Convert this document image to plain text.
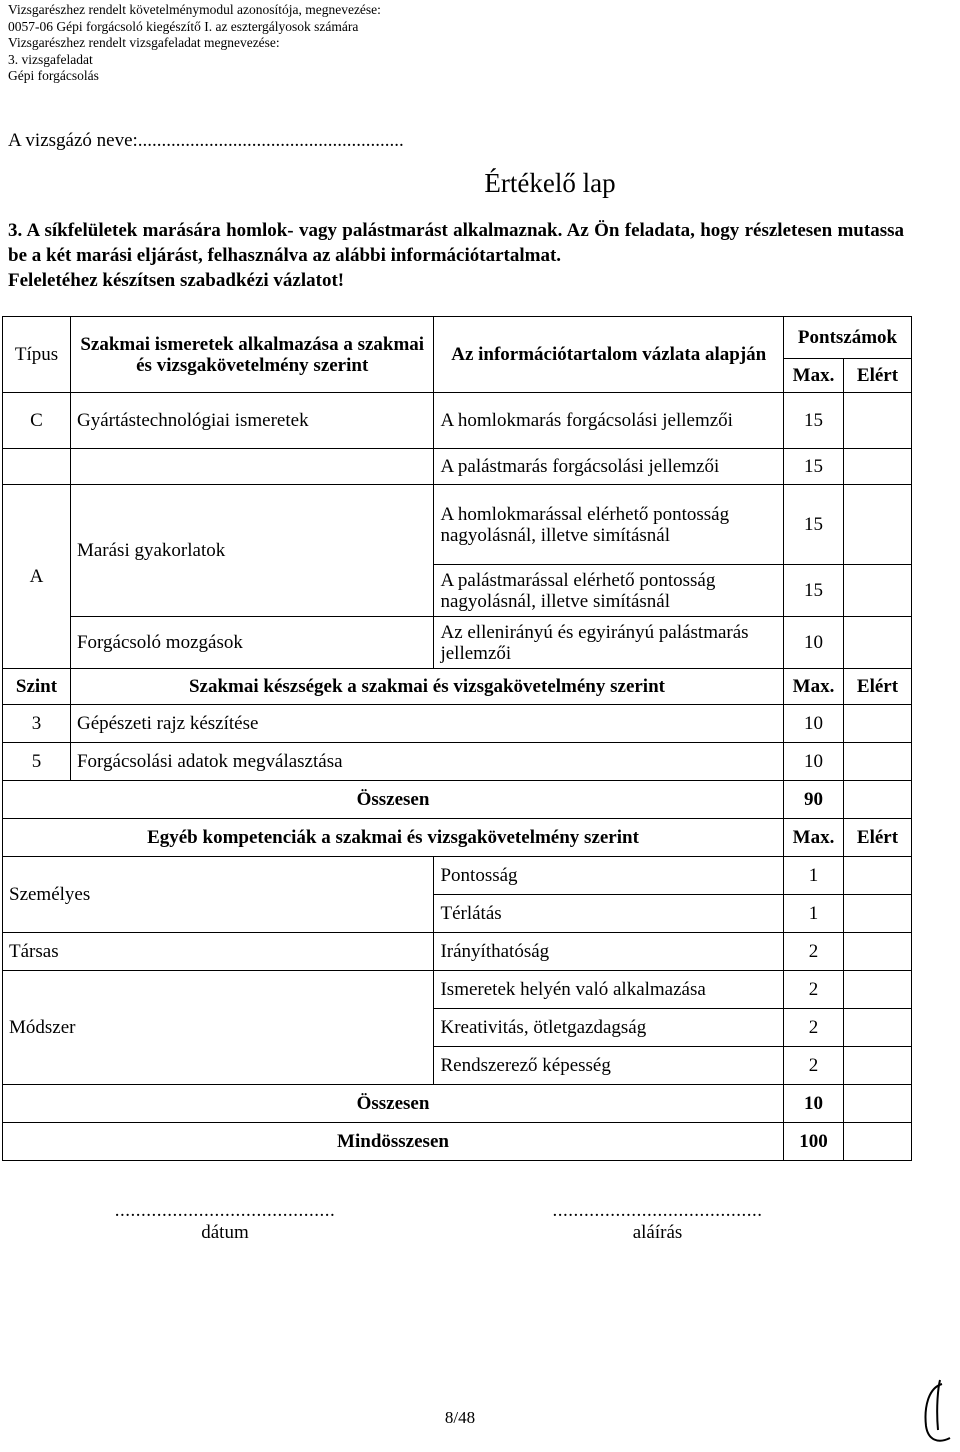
Vizsgarészhez rendelt követelménymodul azonosítója, megnevezése:
0057-06 Gépi forgácsoló kiegészítő I. az esztergályosok számára
Vizsgarészhez rendelt vizsgafeladat megnevezése:
3. vizsgafeladat
Gépi forgácsolás
A vizsgázó neve:........................................................
Értékelő lap
3. A síkfelületek marására homlok- vagy palástmarást alkalmaznak. Az Ön feladata, hogy részletesen mutassa be a két marási eljárást, felhasználva az alábbi információtartalmat.
Feleletéhez készítsen szabadkézi vázlatot!
Típus	Szakmai ismeretek alkalmazása a szakmai és vizsgakövetelmény szerint	Az információtartalom vázlata alapján	Pontszámok	
			Max.	Elért
C	Gyártástechnológiai ismeretek	A homlokmarás forgácsolási jellemzői	15	
		A palástmarás forgácsolási jellemzői	15	
A	Marási gyakorlatok	A homlokmarással elérhető pontosság nagyolásnál, illetve simításnál	15	
		A palástmarással elérhető pontosság nagyolásnál, illetve simításnál	15	
	Forgácsoló mozgások	Az ellenirányú és egyirányú palástmarás jellemzői	10	
Szint	Szakmai készségek a szakmai és vizsgakövetelmény szerint		Max.	Elért
3	Gépészeti rajz készítése		10	
5	Forgácsolási adatok megválasztása		10	
Összesen			90	
Egyéb kompetenciák a szakmai és vizsgakövetelmény szerint			Max.	Elért
Személyes		Pontosság	1	
		Térlátás	1	
Társas		Irányíthatóság	2	
Módszer		Ismeretek helyén való alkalmazása	2	
		Kreativitás, ötletgazdagság	2	
		Rendszerező képesség	2	
Összesen			10	
Mindösszesen			100	
..........................................
dátum
........................................
aláírás
8/48
